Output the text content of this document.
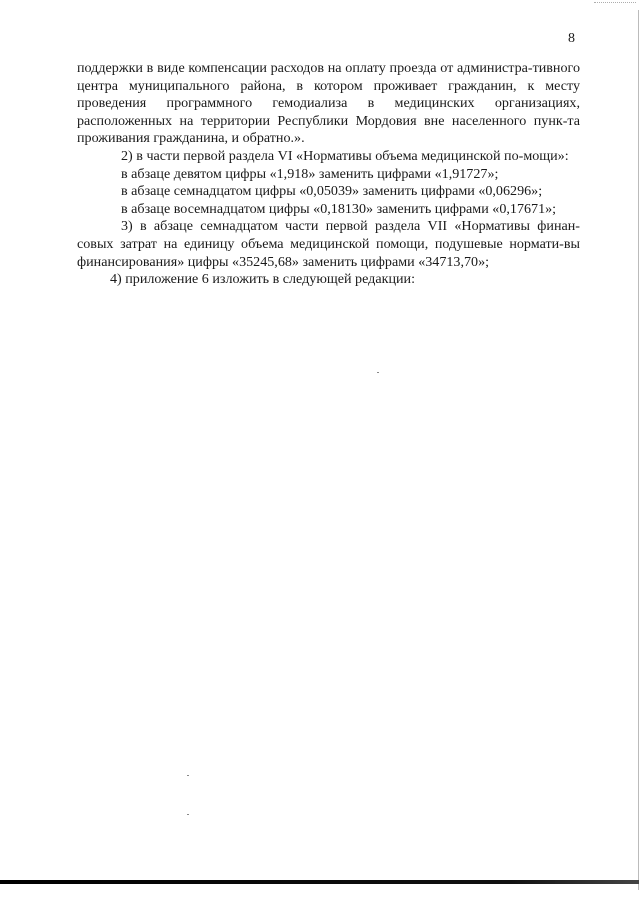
8

поддержки в виде компенсации расходов на оплату проезда от администра-тивного центра муниципального района, в котором проживает гражданин, к месту проведения программного гемодиализа в медицинских организациях, расположенных на территории Республики Мордовия вне населенного пунк-та проживания гражданина, и обратно.».

2) в части первой раздела VI «Нормативы объема медицинской по-мощи»:

в абзаце девятом цифры «1,918» заменить цифрами «1,91727»;

в абзаце семнадцатом цифры «0,05039» заменить цифрами «0,06296»;

в абзаце восемнадцатом цифры «0,18130» заменить цифрами «0,17671»;

3) в абзаце семнадцатом части первой раздела VII «Нормативы финан-совых затрат на единицу объема медицинской помощи, подушевые нормати-вы финансирования» цифры «35245,68» заменить цифрами «34713,70»;

4) приложение 6 изложить в следующей редакции:
